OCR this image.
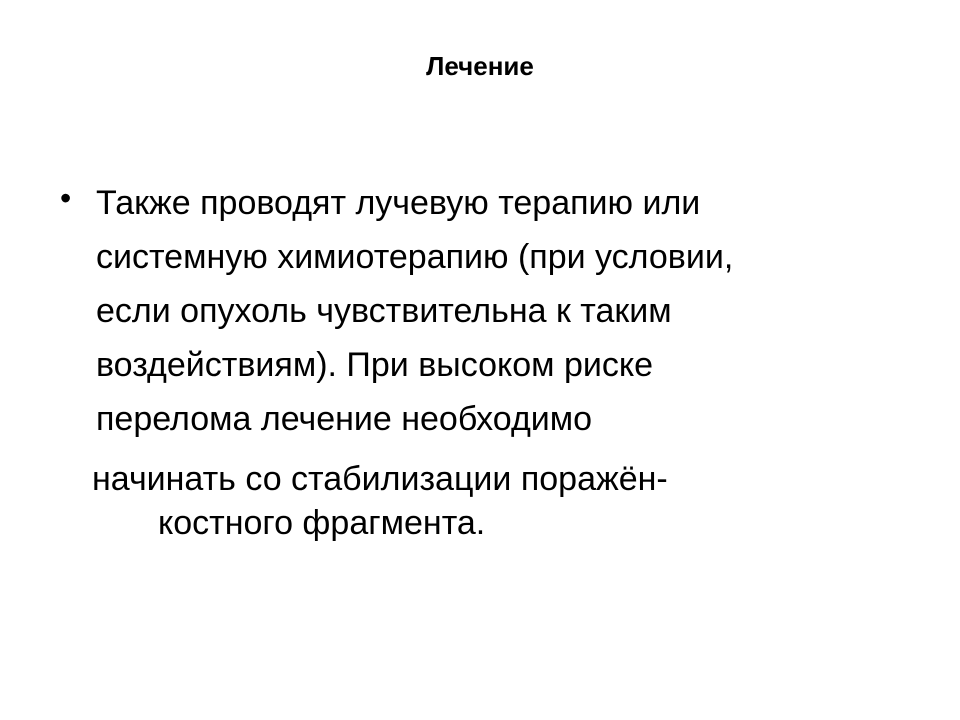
Лечение
• Также проводят лучевую терапию или
системную химиотерапию (при условии,
если опухоль чувствительна к таким
воздействиям). При высоком риске
перелома лечение необходимо
начинать со стабилизации поражён-
костного фрагмента.
